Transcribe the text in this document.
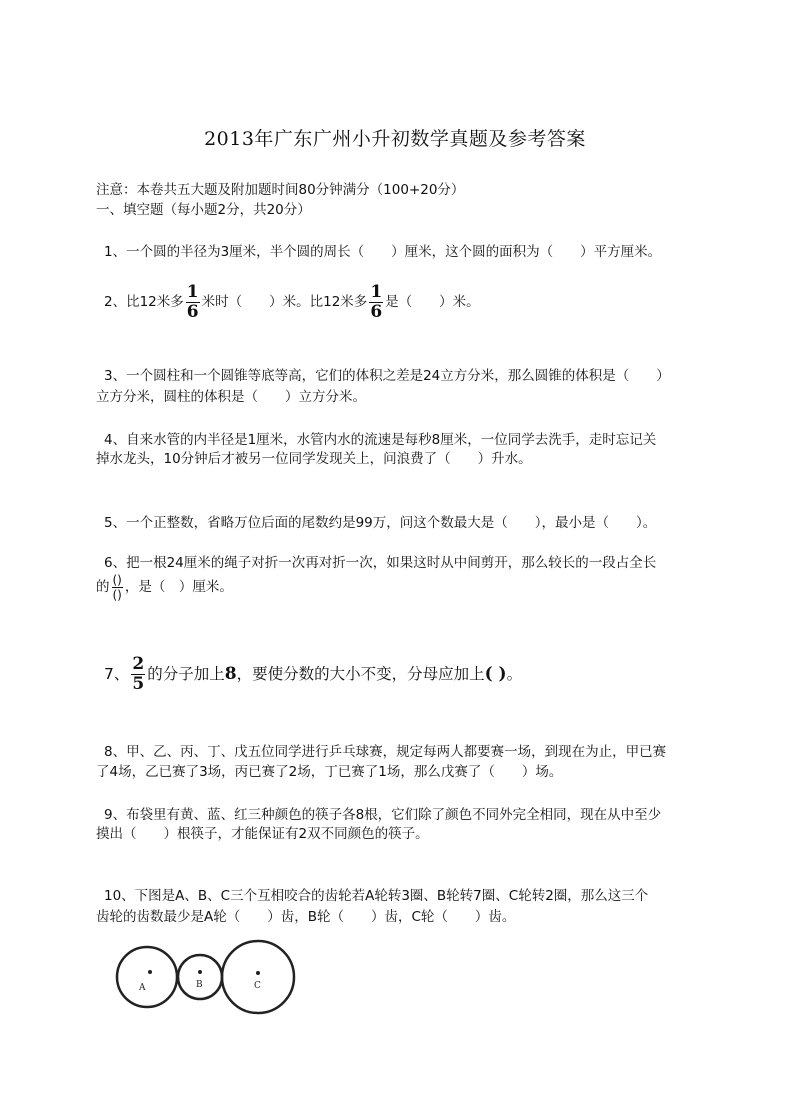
2013年广东广州小升初数学真题及参考答案
注意：本卷共五大题及附加题时间80分钟满分（100+20分）
一、填空题（每小题2分，共20分）
1、一个圆的半径为3厘米，半个圆的周长（　　）厘米，这个圆的面积为（　　）平方厘米。
2、比12米多 $\frac{1}{6}$ 米时（　　）米。比12米多 $\frac{1}{6}$ 是（　　）米。
3、一个圆柱和一个圆锥等底等高，它们的体积之差是24立方分米，那么圆锥的体积是（　　）
立方分米，圆柱的体积是（　　）立方分米。
4、自来水管的内半径是1厘米，水管内水的流速是每秒8厘米，一位同学去洗手，走时忘记关
掉水龙头，10分钟后才被另一位同学发现关上，问浪费了（　　）升水。
5、一个正整数，省略万位后面的尾数约是99万，问这个数最大是（　　），最小是（　　）。
6、把一根24厘米的绳子对折一次再对折一次，如果这时从中间剪开，那么较长的一段占全长
的 $\frac{()}{()}$ ，是（　）厘米。
7、 $\frac{2}{5}$ 的分子加上8，要使分数的大小不变，分母应加上( )。
8、甲、乙、丙、丁、戊五位同学进行乒乓球赛，规定每两人都要赛一场，到现在为止，甲已赛
了4场，乙已赛了3场，丙已赛了2场，丁已赛了1场，那么戊赛了（　　）场。
9、布袋里有黄、蓝、红三种颜色的筷子各8根，它们除了颜色不同外完全相同，现在从中至少
摸出（　　）根筷子，才能保证有2双不同颜色的筷子。
10、下图是A、B、C三个互相咬合的齿轮若A轮转3圈、B轮转7圈、C轮转2圈，那么这三个
齿轮的齿数最少是A轮（　　）齿，B轮（　　）齿，C轮（　　）齿。
A	B	C
